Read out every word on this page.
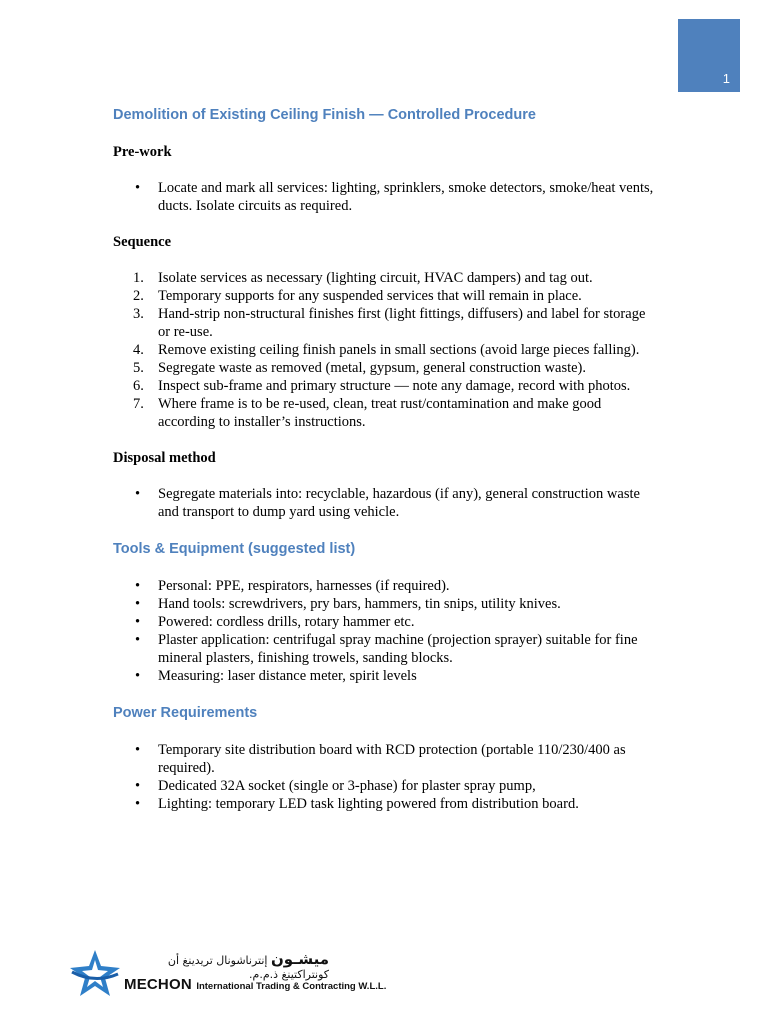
1
Demolition of Existing Ceiling Finish — Controlled Procedure
Pre-work
•	Locate and mark all services: lighting, sprinklers, smoke detectors, smoke/heat vents, ducts. Isolate circuits as required.
Sequence
1. Isolate services as necessary (lighting circuit, HVAC dampers) and tag out.
2. Temporary supports for any suspended services that will remain in place.
3. Hand-strip non-structural finishes first (light fittings, diffusers) and label for storage or re-use.
4. Remove existing ceiling finish panels in small sections (avoid large pieces falling).
5. Segregate waste as removed (metal, gypsum, general construction waste).
6. Inspect sub-frame and primary structure — note any damage, record with photos.
7. Where frame is to be re-used, clean, treat rust/contamination and make good according to installer’s instructions.
Disposal method
•	Segregate materials into: recyclable, hazardous (if any), general construction waste and transport to dump yard using vehicle.
Tools & Equipment (suggested list)
•	Personal: PPE, respirators, harnesses (if required).
•	Hand tools: screwdrivers, pry bars, hammers, tin snips, utility knives.
•	Powered: cordless drills, rotary hammer etc.
•	Plaster application: centrifugal spray machine (projection sprayer) suitable for fine mineral plasters, finishing trowels, sanding blocks.
•	Measuring: laser distance meter, spirit levels
Power Requirements
•	Temporary site distribution board with RCD protection (portable 110/230/400 as required).
•	Dedicated 32A socket (single or 3-phase) for plaster spray pump,
•	Lighting: temporary LED task lighting powered from distribution board.
ميشـون إنترناشونال تريدينغ أن كونتراكتينغ ذ.م.م.
MECHON International Trading & Contracting W.L.L.
